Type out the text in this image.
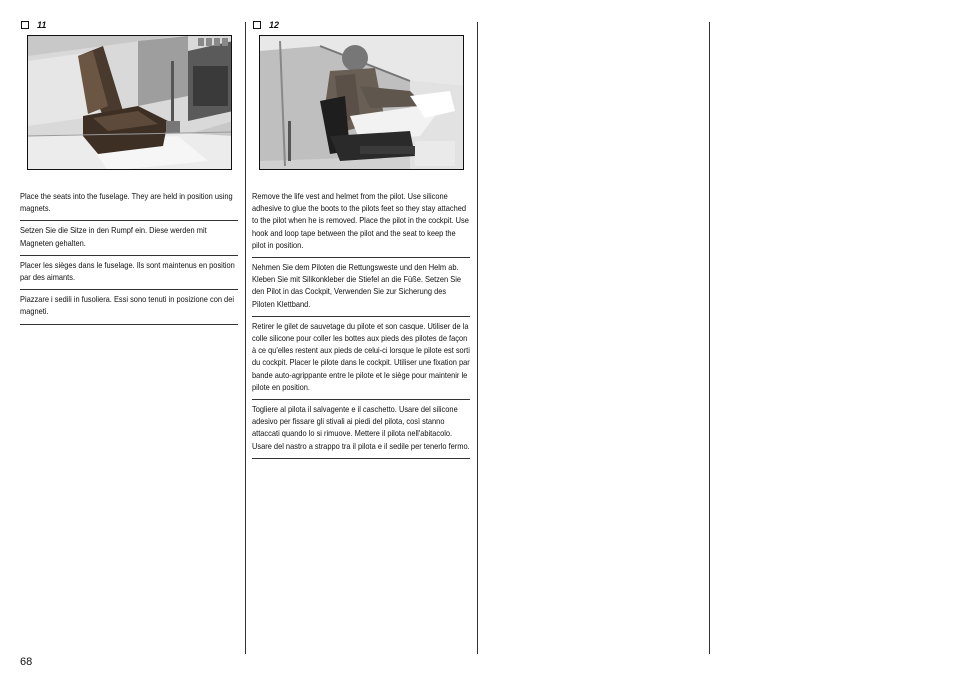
11
Place the seats into the fuselage. They are held in position using magnets.
Setzen Sie die Sitze in den Rumpf ein. Diese werden mit Magneten gehalten.
Placer les sièges dans le fuselage. Ils sont maintenus en position par des aimants.
Piazzare i sedili in fusoliera. Essi sono tenuti in posizione con dei magneti.
12
Remove the life vest and helmet from the pilot. Use silicone adhesive to glue the boots to the pilots feet so they stay attached to the pilot when he is removed. Place the pilot in the cockpit. Use hook and loop tape between the pilot and the seat to keep the pilot in position.
Nehmen Sie dem Piloten die Rettungsweste und den Helm ab. Kleben Sie mit Silikonkleber die Stiefel an die Füße. Setzen Sie den Pilot in das Cockpit, Verwenden Sie zur Sicherung des Piloten Klettband.
Retirer le gilet de sauvetage du pilote et son casque. Utiliser de la colle silicone pour coller les bottes aux pieds des pilotes de façon à ce qu'elles restent aux pieds de celui-ci lorsque le pilote est sorti du cockpit. Placer le pilote dans le cockpit. Utiliser une fixation par bande auto-agrippante entre le pilote et le siège pour maintenir le pilote en position.
Togliere al pilota il salvagente e il caschetto. Usare del silicone adesivo per fissare gli stivali ai piedi del pilota, così stanno attaccati quando lo si rimuove. Mettere il pilota nell'abitacolo. Usare del nastro a strappo tra il pilota e il sedile per tenerlo fermo.
68
